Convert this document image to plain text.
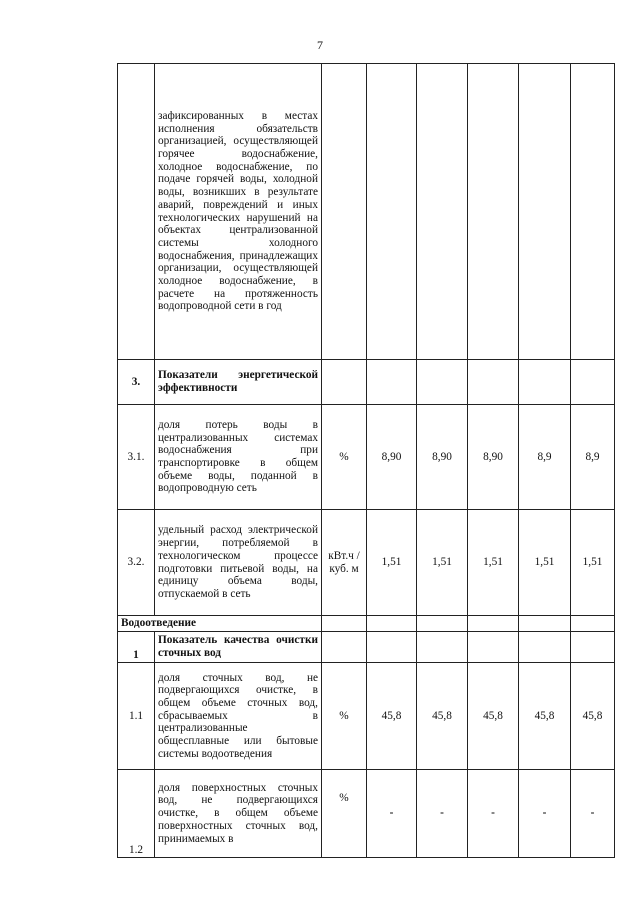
7
	зафиксированных в местах исполнения обязательств организацией, осуществляющей горячее водоснабжение, холодное водоснабжение, по подаче горячей воды, холодной воды, возникших в результате аварий, повреждений и иных технологических нарушений на объектах централизованной системы холодного водоснабжения, принадлежащих организации, осуществляющей холодное водоснабжение, в расчете на протяженность водопроводной сети в год						
3.	Показатели энергетической эффективности						
3.1.	доля потерь воды в централизованных системах водоснабжения при транспортировке в общем объеме воды, поданной в водопроводную сеть	%	8,90	8,90	8,90	8,9	8,9
3.2.	удельный расход электрической энергии, потребляемой в технологическом процессе подготовки питьевой воды, на единицу объема воды, отпускаемой в сеть	кВт.ч /куб. м	1,51	1,51	1,51	1,51	1,51
Водоотведение							
1	Показатель качества очистки сточных вод						
1.1	доля сточных вод, не подвергающихся очистке, в общем объеме сточных вод, сбрасываемых в централизованные общесплавные или бытовые системы водоотведения	%	45,8	45,8	45,8	45,8	45,8
1.2	доля поверхностных сточных вод, не подвергающихся очистке, в общем объеме поверхностных сточных вод, принимаемых в	%	-	-	-	-	-
